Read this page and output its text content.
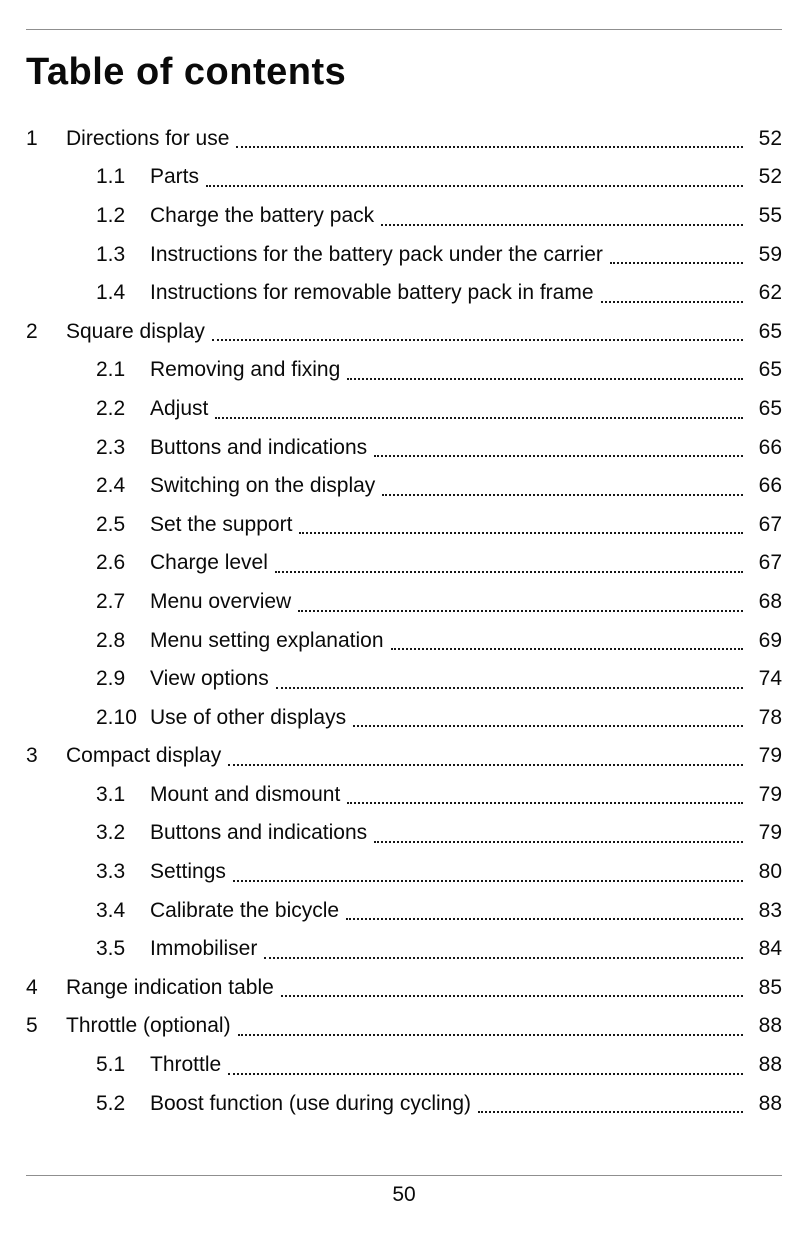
Table of contents
1	Directions for use	52
1.1	Parts	52
1.2	Charge the battery pack	55
1.3	Instructions for the battery pack under the carrier	59
1.4	Instructions for removable battery pack in frame	62
2	Square display	65
2.1	Removing and fixing	65
2.2	Adjust	65
2.3	Buttons and indications	66
2.4	Switching on the display	66
2.5	Set the support	67
2.6	Charge level	67
2.7	Menu overview	68
2.8	Menu setting explanation	69
2.9	View options	74
2.10 Use of other displays	78
3	Compact display	79
3.1	Mount and dismount	79
3.2	Buttons and indications	79
3.3	Settings	80
3.4	Calibrate the bicycle	83
3.5	Immobiliser	84
4	Range indication table	85
5	Throttle (optional)	88
5.1	Throttle	88
5.2	Boost function (use during cycling)	88
50
